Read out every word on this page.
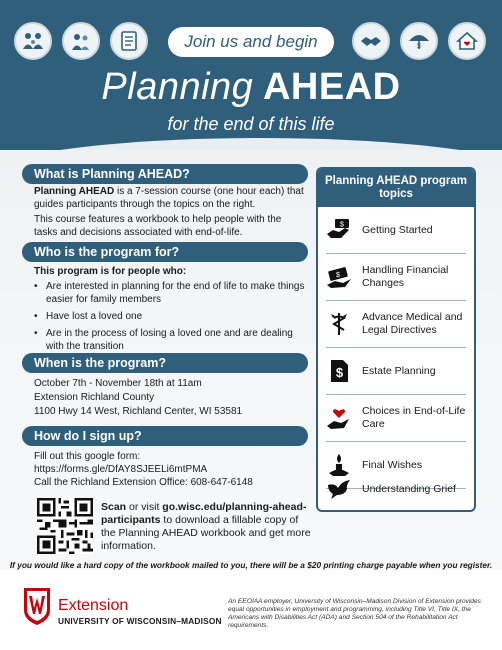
Join us and begin	$
Planning AHEAD
for the end of this life
What is Planning AHEAD?
Planning AHEAD is a 7-session course (one hour each) that guides participants through the topics on the right.
This course features a workbook to help people with the tasks and decisions associated with end-of-life.
Who is the program for?
This program is for people who:
• Are interested in planning for the end of life to make things easier for family members
• Have lost a loved one
• Are in the process of losing a loved one and are dealing with the transition
When is the program?
October 7th - November 18th at 11am
Extension Richland County
1100 Hwy 14 West, Richland Center, WI 53581
How do I sign up?
Fill out this google form:
https://forms.gle/DfAY8SJEELi6mtPMA
Call the Richland Extension Office: 608-647-6148
Scan or visit go.wisc.edu/planning-ahead-participants to download a fillable copy of the Planning AHEAD workbook and get more information.
Planning AHEAD program topics
$ Getting Started
$ Handling Financial Changes
Advance Medical and Legal Directives
$ Estate Planning
Choices in End-of-Life Care
Final Wishes
Understanding Grief
If you would like a hard copy of the workbook mailed to you, there will be a $20 printing charge payable when you register.
Extension
UNIVERSITY OF WISCONSIN–MADISON
An EEO/AA employer, University of Wisconsin–Madison Division of Extension provides equal opportunities in employment and programming, including Title VI, Title IX, the Americans with Disabilities Act (ADA) and Section 504 of the Rehabilitation Act requirements.
